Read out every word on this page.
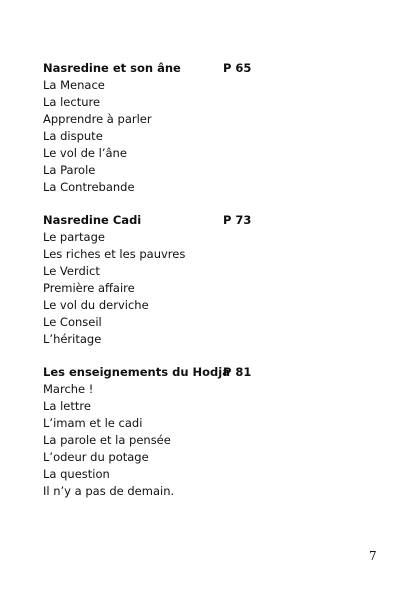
Nasredine et son âne	P 65
La Menace
La lecture
Apprendre à parler
La dispute
Le vol de l’âne
La Parole
La Contrebande
Nasredine Cadi	P 73
Le partage
Les riches et les pauvres
Le Verdict
Première affaire
Le vol du derviche
Le Conseil
L’héritage
Les enseignements du Hodja
P 81
Marche !
La lettre
L’imam et le cadi
La parole et la pensée
L’odeur du potage
La question
Il n’y a pas de demain.
7
